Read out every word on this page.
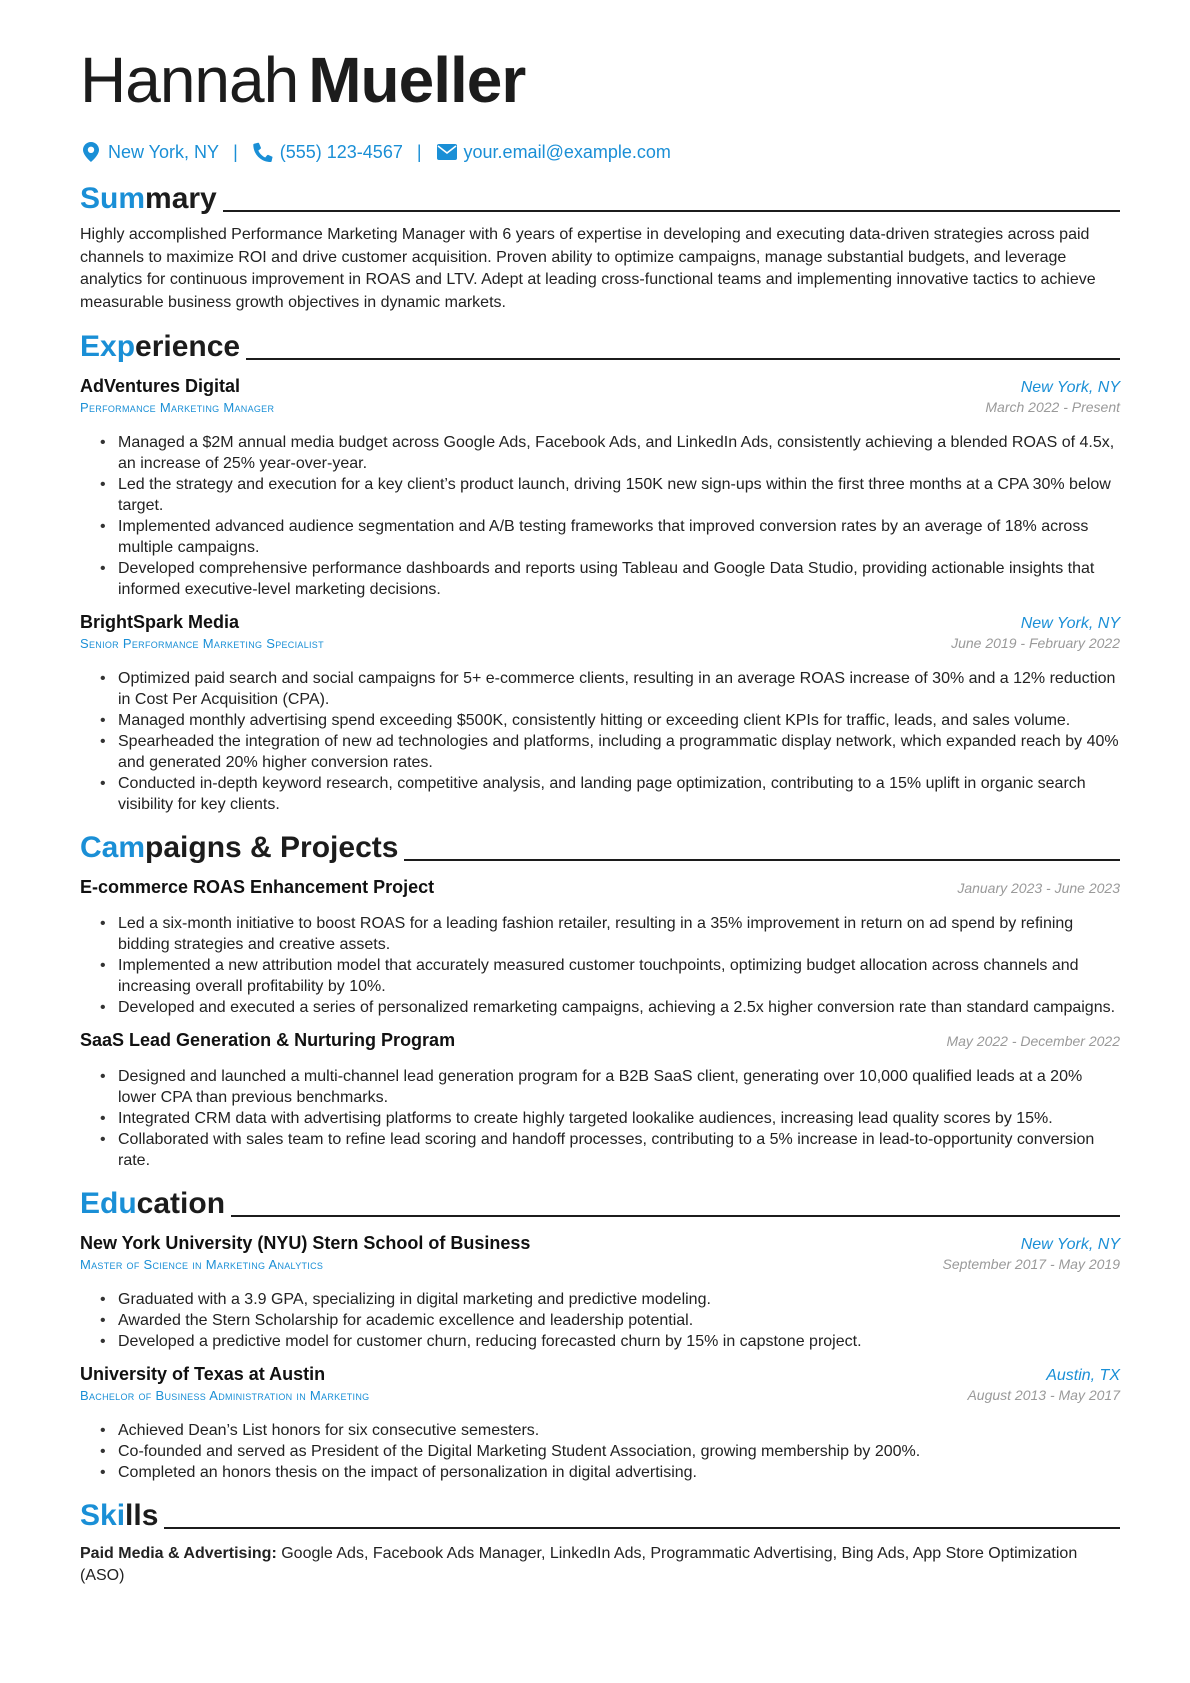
Hannah Mueller
New York, NY | (555) 123-4567 | your.email@example.com
Summary

Highly accomplished Performance Marketing Manager with 6 years of expertise in developing and executing data-driven strategies across paid channels to maximize ROI and drive customer acquisition. Proven ability to optimize campaigns, manage substantial budgets, and leverage analytics for continuous improvement in ROAS and LTV. Adept at leading cross-functional teams and implementing innovative tactics to achieve measurable business growth objectives in dynamic markets.

Experience
AdVentures Digital	New York, NY
Performance Marketing Manager	March 2022 - Present
• Managed a $2M annual media budget across Google Ads, Facebook Ads, and LinkedIn Ads, consistently achieving a blended ROAS of 4.5x, an increase of 25% year-over-year.
• Led the strategy and execution for a key client’s product launch, driving 150K new sign-ups within the first three months at a CPA 30% below target.
• Implemented advanced audience segmentation and A/B testing frameworks that improved conversion rates by an average of 18% across multiple campaigns.
• Developed comprehensive performance dashboards and reports using Tableau and Google Data Studio, providing actionable insights that informed executive-level marketing decisions.
BrightSpark Media	New York, NY
Senior Performance Marketing Specialist	June 2019 - February 2022
• Optimized paid search and social campaigns for 5+ e-commerce clients, resulting in an average ROAS increase of 30% and a 12% reduction in Cost Per Acquisition (CPA).
• Managed monthly advertising spend exceeding $500K, consistently hitting or exceeding client KPIs for traffic, leads, and sales volume.
• Spearheaded the integration of new ad technologies and platforms, including a programmatic display network, which expanded reach by 40% and generated 20% higher conversion rates.
• Conducted in-depth keyword research, competitive analysis, and landing page optimization, contributing to a 15% uplift in organic search visibility for key clients.
Campaigns & Projects
E-commerce ROAS Enhancement Project	January 2023 - June 2023
• Led a six-month initiative to boost ROAS for a leading fashion retailer, resulting in a 35% improvement in return on ad spend by refining bidding strategies and creative assets.
• Implemented a new attribution model that accurately measured customer touchpoints, optimizing budget allocation across channels and increasing overall profitability by 10%.
• Developed and executed a series of personalized remarketing campaigns, achieving a 2.5x higher conversion rate than standard campaigns.
SaaS Lead Generation & Nurturing Program	May 2022 - December 2022
• Designed and launched a multi-channel lead generation program for a B2B SaaS client, generating over 10,000 qualified leads at a 20% lower CPA than previous benchmarks.
• Integrated CRM data with advertising platforms to create highly targeted lookalike audiences, increasing lead quality scores by 15%.
• Collaborated with sales team to refine lead scoring and handoff processes, contributing to a 5% increase in lead-to-opportunity conversion rate.
Education
New York University (NYU) Stern School of Business	New York, NY
Master of Science in Marketing Analytics	September 2017 - May 2019
• Graduated with a 3.9 GPA, specializing in digital marketing and predictive modeling.
• Awarded the Stern Scholarship for academic excellence and leadership potential.
• Developed a predictive model for customer churn, reducing forecasted churn by 15% in capstone project.
University of Texas at Austin	Austin, TX
Bachelor of Business Administration in Marketing	August 2013 - May 2017
• Achieved Dean’s List honors for six consecutive semesters.
• Co-founded and served as President of the Digital Marketing Student Association, growing membership by 200%.
• Completed an honors thesis on the impact of personalization in digital advertising.
Skills

Paid Media & Advertising: Google Ads, Facebook Ads Manager, LinkedIn Ads, Programmatic Advertising, Bing Ads, App Store Optimization (ASO)
